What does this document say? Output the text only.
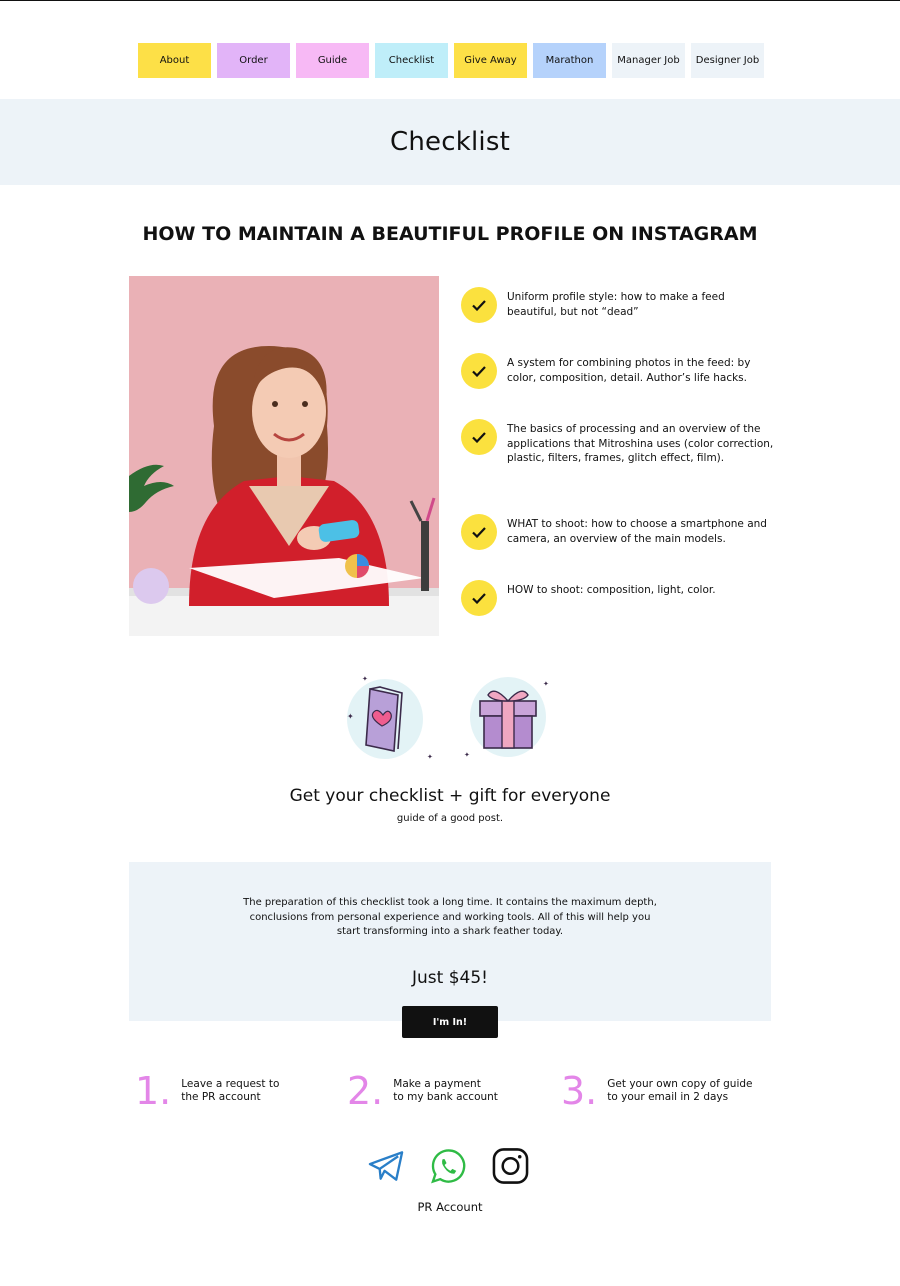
About	Order	Guide	Checklist	Give Away	Marathon	Manager Job	Designer Job
Checklist
HOW TO MAINTAIN A BEAUTIFUL PROFILE ON INSTAGRAM
Uniform profile style: how to make a feed beautiful, but not “dead”
A system for combining photos in the feed: by color, composition, detail. Author’s life hacks.
The basics of processing and an overview of the applications that Mitroshina uses (color correction, plastic, filters, frames, glitch effect, film).
WHAT to shoot: how to choose a smartphone and camera, an overview of the main models.
HOW to shoot: composition, light, color.
✦
✦
✦	✦
✦
Get your checklist + gift for everyone
guide of a good post.

The preparation of this checklist took a long time. It contains the maximum depth, conclusions from personal experience and working tools. All of this will help you start transforming into a shark feather today.

Just $45!
I'm In!
1. Leave a request to
the PR account	2. Make a payment
to my bank account 3. Get your own copy of guide
to your email in 2 days
PR Account
